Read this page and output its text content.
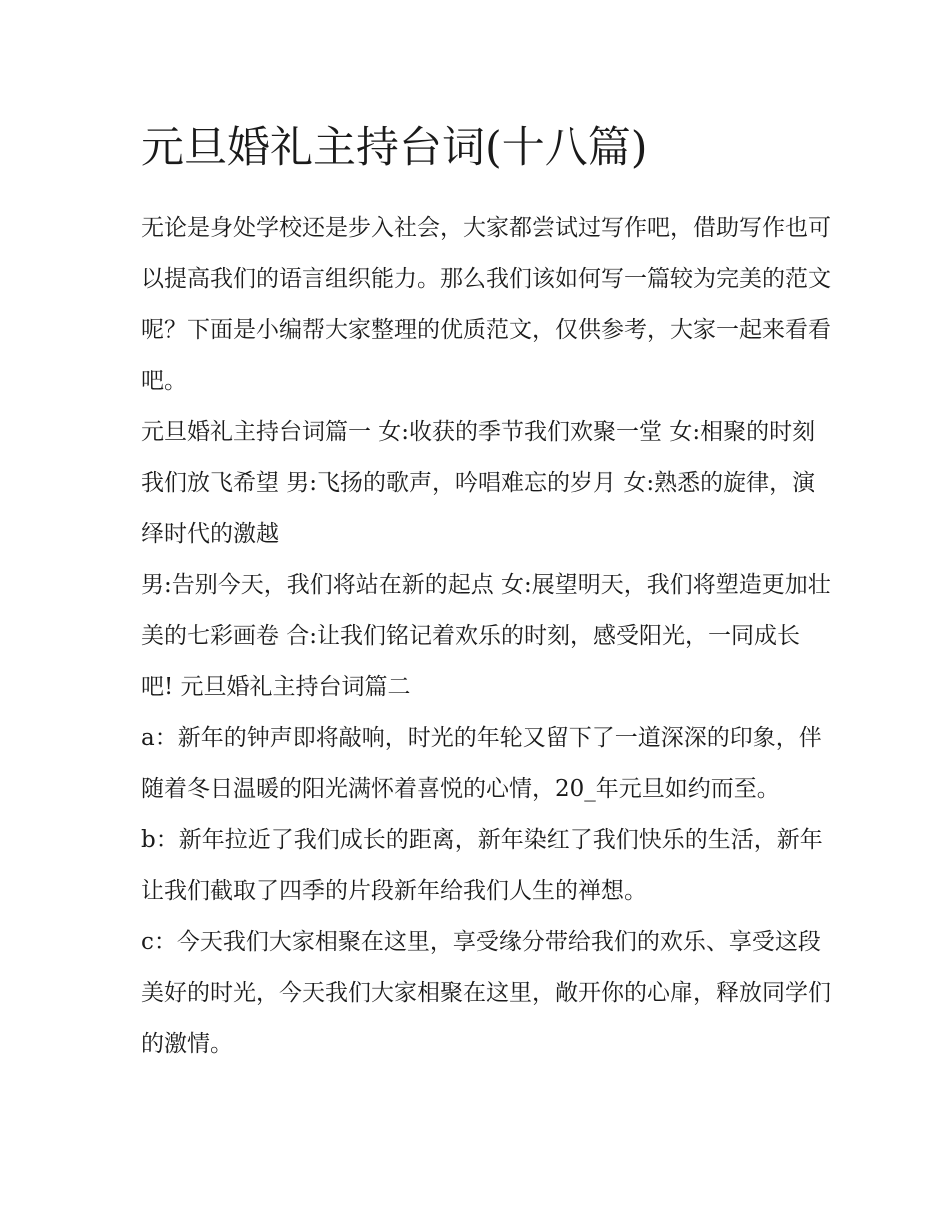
元旦婚礼主持台词(十八篇)

无论是身处学校还是步入社会，大家都尝试过写作吧，借助写作也可以提高我们的语言组织能力。那么我们该如何写一篇较为完美的范文呢？下面是小编帮大家整理的优质范文，仅供参考，大家一起来看看吧。

元旦婚礼主持台词篇一 女:收获的季节我们欢聚一堂 女:相聚的时刻我们放飞希望 男:飞扬的歌声，吟唱难忘的岁月 女:熟悉的旋律，演绎时代的激越

男:告别今天，我们将站在新的起点 女:展望明天，我们将塑造更加壮美的七彩画卷 合:让我们铭记着欢乐的时刻，感受阳光，一同成长吧! 元旦婚礼主持台词篇二

a：新年的钟声即将敲响，时光的年轮又留下了一道深深的印象，伴随着冬日温暖的阳光满怀着喜悦的心情，20_年元旦如约而至。

b：新年拉近了我们成长的距离，新年染红了我们快乐的生活，新年让我们截取了四季的片段新年给我们人生的禅想。

c：今天我们大家相聚在这里，享受缘分带给我们的欢乐、享受这段美好的时光，今天我们大家相聚在这里，敞开你的心扉，释放同学们的激情。
